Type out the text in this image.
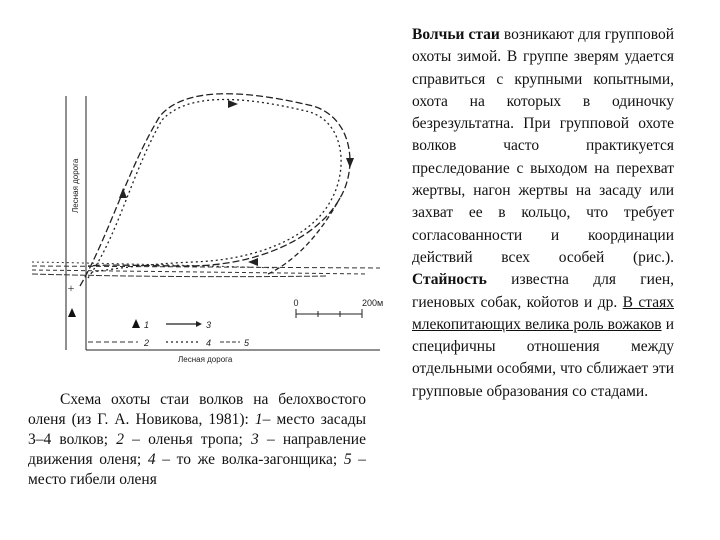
Лесная дорога
Лесная дорога
+
0	200м
1	3
2	4	5

Схема охоты стаи волков на белохвостого оленя (из Г. А. Новикова, 1981): 1– место засады 3–4 волков; 2 – оленья тропа; 3 – направление движения оленя; 4 – то же волка-загонщика; 5 – место гибели оленя

Волчьи стаи возникают для групповой охоты зимой. В группе зверям удается справиться с крупными копытными, охота на которых в одиночку безрезультатна. При групповой охоте волков часто практикуется преследование с выходом на перехват жертвы, нагон жертвы на засаду или захват ее в кольцо, что требует согласованности и координации действий всех особей (рис.). Стайность известна для гиен, гиеновых собак, койотов и др. В стаях млекопитающих велика роль вожаков и специфичны отношения между отдельными особями, что сближает эти групповые образования со стадами.
